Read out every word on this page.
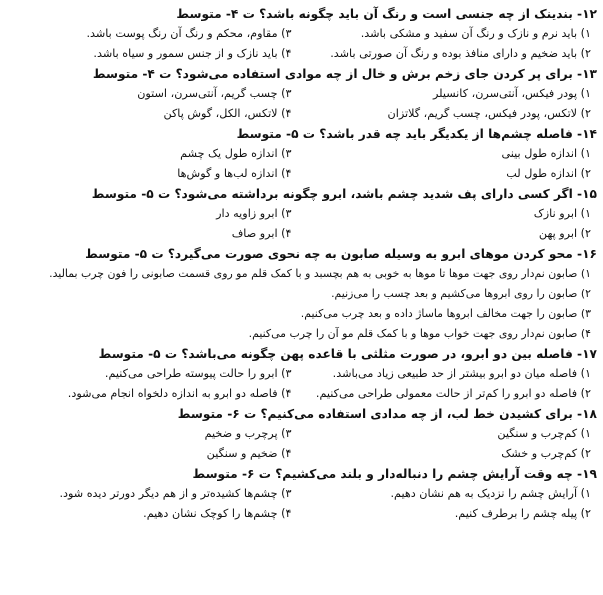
۱۲- بندینک از چه جنسی است و رنگ آن باید چگونه باشد؟ ت ۴- متوسط
۱) باید نرم و نازک و رنگ آن سفید و مشکی باشد.
۳) مقاوم، محکم و رنگ آن رنگ پوست باشد.
۲) باید ضخیم و دارای منافذ بوده و رنگ آن صورتی باشد.
۴) باید نازک و از جنس سمور و سیاه باشد.
۱۳- برای پر کردن جای زخم برش و خال از چه موادی استفاده می‌شود؟ ت ۴- متوسط
۱) پودر فیکس، آنتی‌سرن، کانسیلر
۳) چسب گریم، آنتی‌سرن، استون
۲) لاتکس، پودر فیکس، چسب گریم، گلاتزان
۴) لاتکس، الکل، گوش پاکن
۱۴- فاصله چشم‌ها از یکدیگر باید چه قدر باشد؟ ت ۵- متوسط
۱) اندازه طول بینی
۳) اندازه طول یک چشم
۲) اندازه طول لب
۴) اندازه لب‌ها و گوش‌ها
۱۵- اگر کسی دارای پف شدید چشم باشد، ابرو چگونه برداشته می‌شود؟ ت ۵- متوسط
۱) ابرو نازک
۳) ابرو زاویه دار
۲) ابرو پهن
۴) ابرو صاف
۱۶- محو کردن موهای ابرو به وسیله صابون به چه نحوی صورت می‌گیرد؟ ت ۵- متوسط
۱) صابون نم‌دار روی جهت موها تا موها به خوبی به هم بچسبد و با کمک قلم مو روی قسمت صابونی را فون چرب بمالید.
۲) صابون را روی ابروها می‌کشیم و بعد چسب را می‌زنیم.
۳) صابون را جهت مخالف ابروها ماساژ داده و بعد چرب می‌کنیم.
۴) صابون نم‌دار روی جهت خواب موها و با کمک قلم مو آن را چرب می‌کنیم.
۱۷- فاصله بین دو ابرو، در صورت مثلثی با قاعده پهن چگونه می‌باشد؟ ت ۵- متوسط
۱) فاصله میان دو ابرو بیشتر از حد طبیعی زیاد می‌باشد.
۳) ابرو را حالت پیوسته طراحی می‌کنیم.
۲) فاصله دو ابرو را کم‌تر از حالت معمولی طراحی می‌کنیم.
۴) فاصله دو ابرو به اندازه دلخواه انجام می‌شود.
۱۸- برای کشیدن خط لب، از چه مدادی استفاده می‌کنیم؟ ت ۶- متوسط
۱) کم‌چرب و سنگین
۳) پرچرب و ضخیم
۲) کم‌چرب و خشک
۴) ضخیم و سنگین
۱۹- چه وقت آرایش چشم را دنباله‌دار و بلند می‌کشیم؟ ت ۶- متوسط
۱) آرایش چشم را نزدیک به هم نشان دهیم.
۳) چشم‌ها کشیده‌تر و از هم دیگر دورتر دیده شود.
۲) پیله چشم را برطرف کنیم.
۴) چشم‌ها را کوچک نشان دهیم.
